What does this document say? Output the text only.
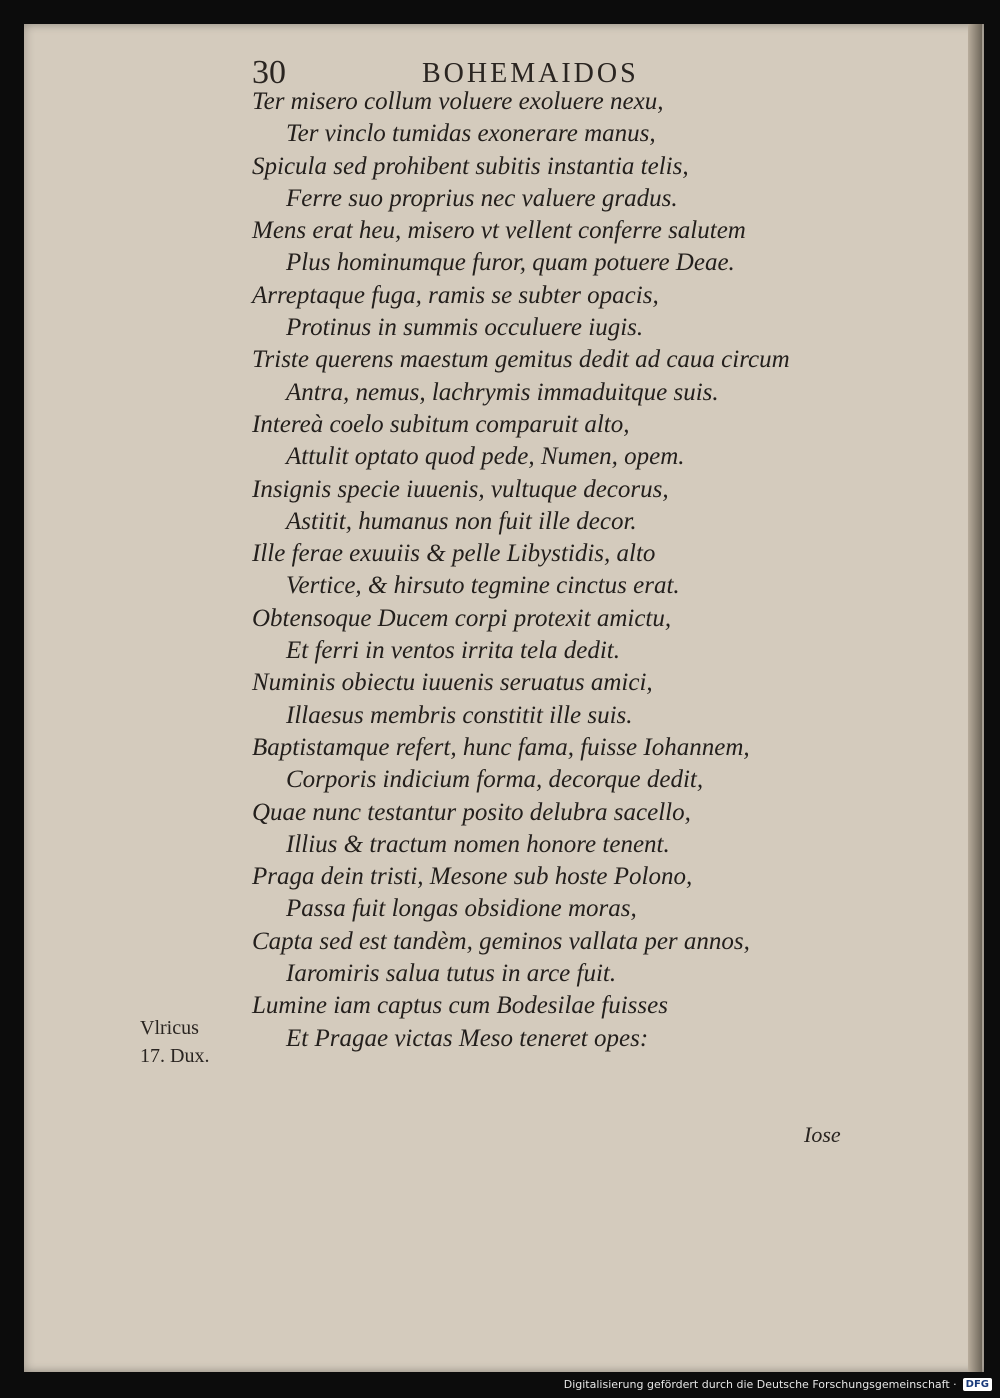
30	BOHEMAIDOS
Ter misero collum voluere exoluere nexu,
Ter vinclo tumidas exonerare manus,
Spicula sed prohibent subitis instantia telis,
Ferre suo proprius nec valuere gradus.
Mens erat heu, misero vt vellent conferre salutem
Plus hominumque furor, quam potuere Deae.
Arreptaque fuga, ramis se subter opacis,
Protinus in summis occuluere iugis.
Triste querens maestum gemitus dedit ad caua circum
Antra, nemus, lachrymis immaduitque suis.
Intereà coelo subitum comparuit alto,
Attulit optato quod pede, Numen, opem.
Insignis specie iuuenis, vultuque decorus,
Astitit, humanus non fuit ille decor.
Ille ferae exuuiis & pelle Libystidis, alto
Vertice, & hirsuto tegmine cinctus erat.
Obtensoque Ducem corpi protexit amictu,
Et ferri in ventos irrita tela dedit.
Numinis obiectu iuuenis seruatus amici,
Illaesus membris constitit ille suis.
Baptistamque refert, hunc fama, fuisse Iohannem,
Corporis indicium forma, decorque dedit,
Quae nunc testantur posito delubra sacello,
Illius & tractum nomen honore tenent.
Praga dein tristi, Mesone sub hoste Polono,
Passa fuit longas obsidione moras,
Capta sed est tandèm, geminos vallata per annos,
Iaromiris salua tutus in arce fuit.
Lumine iam captus cum Bodesilae fuisses
Et Pragae victas Meso teneret opes:
Vlricus
17. Dux.
Iose
Digitalisierung gefördert durch die Deutsche Forschungsgemeinschaft · DFG
